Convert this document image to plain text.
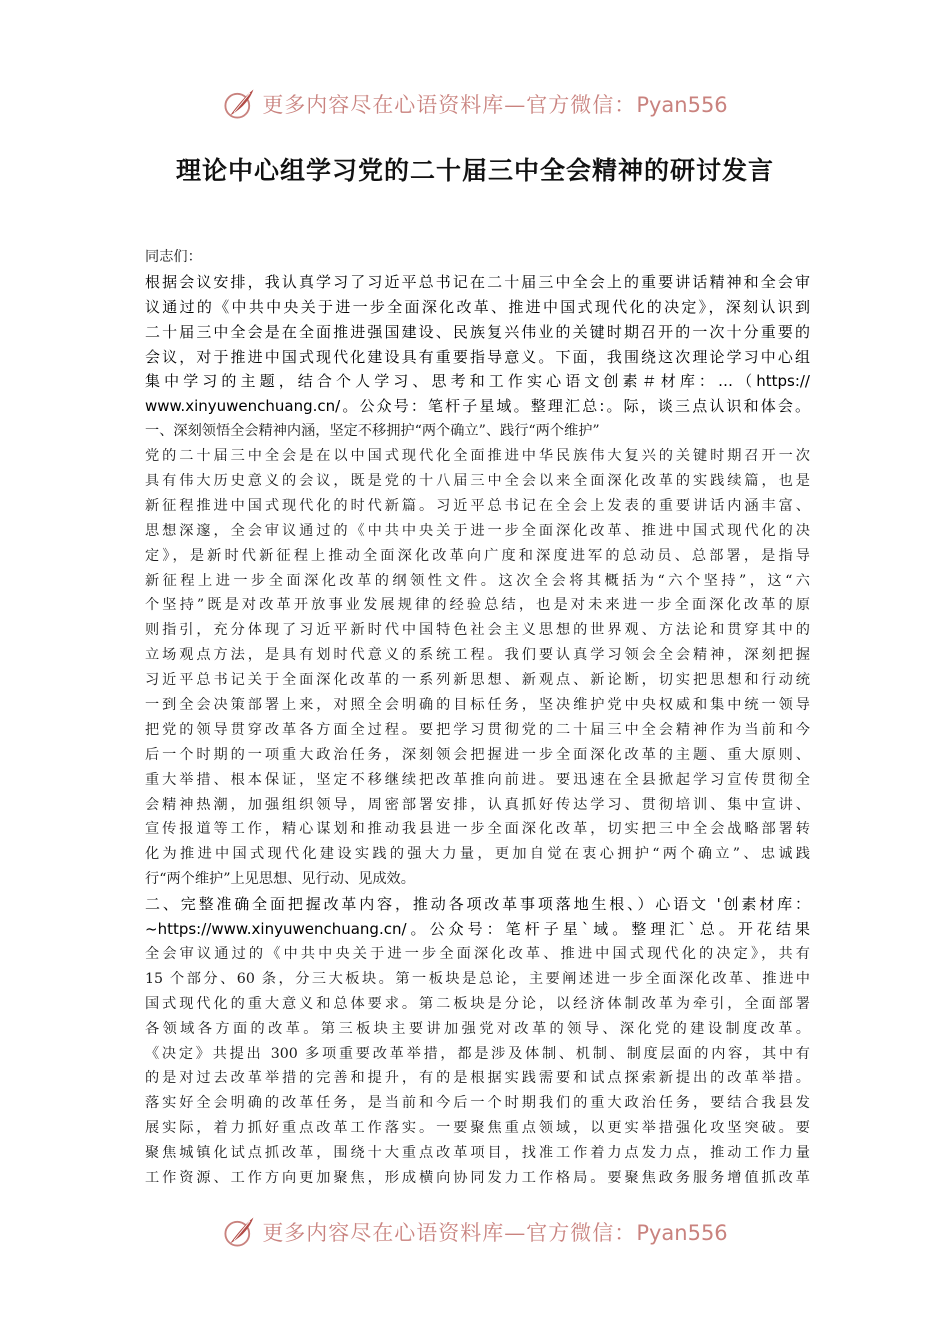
更多内容尽在心语资料库—官方微信：Pyan556
理论中心组学习党的二十届三中全会精神的研讨发言
同志们：
根据会议安排，我认真学习了习近平总书记在二十届三中全会上的重要讲话精神和全会审
议通过的《中共中央关于进一步全面深化改革、推进中国式现代化的决定》，深刻认识到
二十届三中全会是在全面推进强国建设、民族复兴伟业的关键时期召开的一次十分重要的
会议，对于推进中国式现代化建设具有重要指导意义。下面，我围绕这次理论学习中心组
集中学习的主题，结合个人学习、思考和工作实心语文创素＃材库：…（https://
www.xinyuwenchuang.cn/。公众号：笔杆子星域。整理汇总:。际，谈三点认识和体会。
一、深刻领悟全会精神内涵，坚定不移拥护“两个确立”、践行“两个维护”
党的二十届三中全会是在以中国式现代化全面推进中华民族伟大复兴的关键时期召开一次
具有伟大历史意义的会议，既是党的十八届三中全会以来全面深化改革的实践续篇，也是
新征程推进中国式现代化的时代新篇。习近平总书记在全会上发表的重要讲话内涵丰富、
思想深邃，全会审议通过的《中共中央关于进一步全面深化改革、推进中国式现代化的决
定》，是新时代新征程上推动全面深化改革向广度和深度进军的总动员、总部署，是指导
新征程上进一步全面深化改革的纲领性文件。这次全会将其概括为“六个坚持”，这“六
个坚持”既是对改革开放事业发展规律的经验总结，也是对未来进一步全面深化改革的原
则指引，充分体现了习近平新时代中国特色社会主义思想的世界观、方法论和贯穿其中的
立场观点方法，是具有划时代意义的系统工程。我们要认真学习领会全会精神，深刻把握
习近平总书记关于全面深化改革的一系列新思想、新观点、新论断，切实把思想和行动统
一到全会决策部署上来，对照全会明确的目标任务，坚决维护党中央权威和集中统一领导
把党的领导贯穿改革各方面全过程。要把学习贯彻党的二十届三中全会精神作为当前和今
后一个时期的一项重大政治任务，深刻领会把握进一步全面深化改革的主题、重大原则、
重大举措、根本保证，坚定不移继续把改革推向前进。要迅速在全县掀起学习宣传贯彻全
会精神热潮，加强组织领导，周密部署安排，认真抓好传达学习、贯彻培训、集中宣讲、
宣传报道等工作，精心谋划和推动我县进一步全面深化改革，切实把三中全会战略部署转
化为推进中国式现代化建设实践的强大力量，更加自觉在衷心拥护“两个确立”、忠诚践
行“两个维护”上见思想、见行动、见成效。
二、完整准确全面把握改革内容，推动各项改革事项落地生根、）心语文 '创素材库：
~https://www.xinyuwenchuang.cn/。公众号：笔杆子星`域。整理汇`总。开花结果
全会审议通过的《中共中央关于进一步全面深化改革、推进中国式现代化的决定》，共有
15 个部分、60 条，分三大板块。第一板块是总论，主要阐述进一步全面深化改革、推进中
国式现代化的重大意义和总体要求。第二板块是分论，以经济体制改革为牵引，全面部署
各领域各方面的改革。第三板块主要讲加强党对改革的领导、深化党的建设制度改革。
《决定》共提出 300 多项重要改革举措，都是涉及体制、机制、制度层面的内容，其中有
的是对过去改革举措的完善和提升，有的是根据实践需要和试点探索新提出的改革举措。
落实好全会明确的改革任务，是当前和今后一个时期我们的重大政治任务，要结合我县发
展实际，着力抓好重点改革工作落实。一要聚焦重点领域，以更实举措强化攻坚突破。要
聚焦城镇化试点抓改革，围绕十大重点改革项目，找准工作着力点发力点，推动工作力量
工作资源、工作方向更加聚焦，形成横向协同发力工作格局。要聚焦政务服务增值抓改革
更多内容尽在心语资料库—官方微信：Pyan556
